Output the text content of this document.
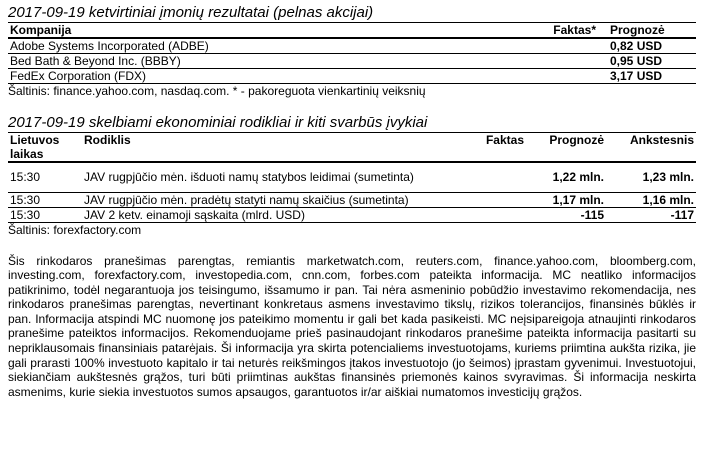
2017-09-19 ketvirtiniai įmonių rezultatai (pelnas akcijai)
Kompanija	Faktas*	Prognozė
Adobe Systems Incorporated (ADBE)		0,82 USD
Bed Bath & Beyond Inc. (BBBY)		0,95 USD
FedEx Corporation (FDX)		3,17 USD
Šaltinis: finance.yahoo.com, nasdaq.com. * - pakoreguota vienkartinių veiksnių
2017-09-19 skelbiami ekonominiai rodikliai ir kiti svarbūs įvykiai
Lietuvos laikas	Rodiklis	Faktas	Prognozė	Ankstesnis
15:30	JAV rugpjūčio mėn. išduoti namų statybos leidimai (sumetinta)		1,22 mln.	1,23 mln.
15:30	JAV rugpjūčio mėn. pradėtų statyti namų skaičius (sumetinta)		1,17 mln.	1,16 mln.
15:30	JAV 2 ketv. einamoji sąskaita (mlrd. USD)		-115	-117
Šaltinis: forexfactory.com
Šis rinkodaros pranešimas parengtas, remiantis marketwatch.com, reuters.com, finance.yahoo.com, bloomberg.com, investing.com, forexfactory.com, investopedia.com, cnn.com, forbes.com pateikta informacija. MC neatliko informacijos patikrinimo, todėl negarantuoja jos teisingumo, išsamumo ir pan. Tai nėra asmeninio pobūdžio investavimo rekomendacija, nes rinkodaros pranešimas parengtas, nevertinant konkretaus asmens investavimo tikslų, rizikos tolerancijos, finansinės būklės ir pan. Informacija atspindi MC nuomonę jos pateikimo momentu ir gali bet kada pasikeisti. MC neįsipareigoja atnaujinti rinkodaros pranešime pateiktos informacijos. Rekomenduojame prieš pasinaudojant rinkodaros pranešime pateikta informacija pasitarti su nepriklausomais finansiniais patarėjais. Ši informacija yra skirta potencialiems investuotojams, kuriems priimtina aukšta rizika, jie gali prarasti 100% investuoto kapitalo ir tai neturės reikšmingos įtakos investuotojo (jo šeimos) įprastam gyvenimui. Investuotojui, siekiančiam aukštesnės grąžos, turi būti priimtinas aukštas finansinės priemonės kainos svyravimas. Ši informacija neskirta asmenims, kurie siekia investuotos sumos apsaugos, garantuotos ir/ar aiškiai numatomos investicijų grąžos.
